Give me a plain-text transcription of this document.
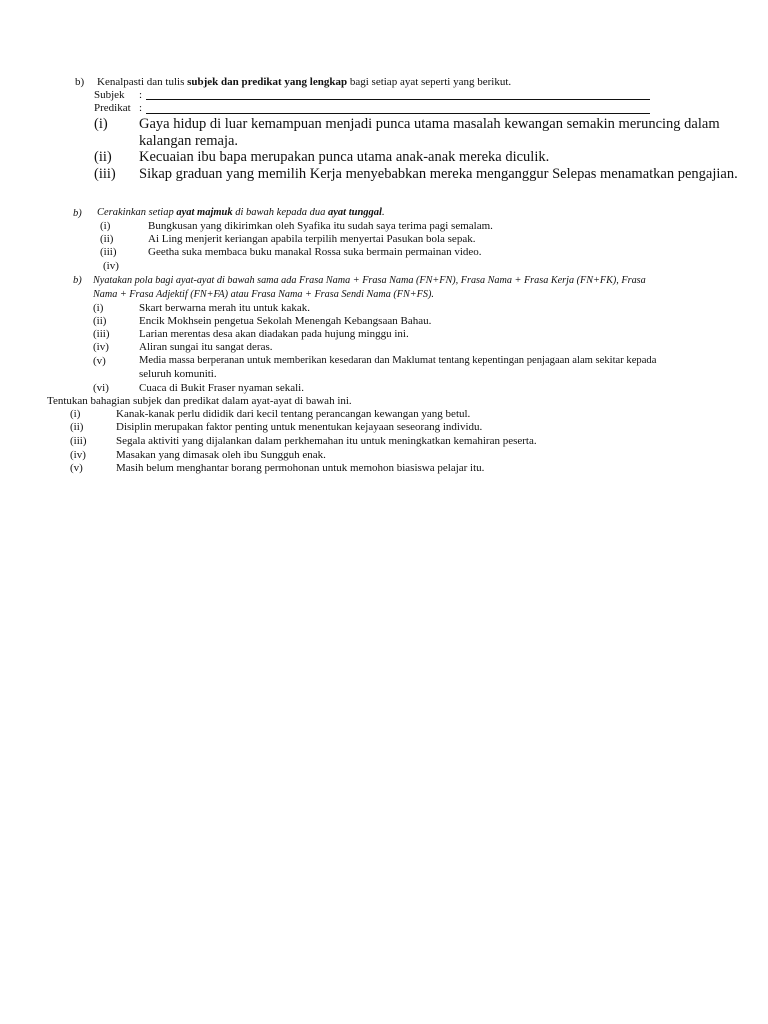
b) Kenalpasti dan tulis subjek dan predikat yang lengkap bagi setiap ayat seperti yang berikut.
Subjek :
Predikat :
(i) Gaya hidup di luar kemampuan menjadi punca utama masalah kewangan semakin meruncing dalam
kalangan remaja.
(ii) Kecuaian ibu bapa merupakan punca utama anak-anak mereka diculik.
(iii) Sikap graduan yang memilih Kerja menyebabkan mereka menganggur Selepas menamatkan pengajian.
b) Cerakinkan setiap ayat majmuk di bawah kepada dua ayat tunggal.
(i)	Bungkusan yang dikirimkan oleh Syafika itu sudah saya terima pagi semalam.
(ii)	Ai Ling menjerit keriangan apabila terpilih menyertai Pasukan bola sepak.
(iii)	Geetha suka membaca buku manakal Rossa suka bermain permainan video.
(iv)
b) Nyatakan pola bagi ayat-ayat di bawah sama ada Frasa Nama + Frasa Nama (FN+FN), Frasa Nama + Frasa Kerja (FN+FK), Frasa
Nama + Frasa Adjektif (FN+FA) atau Frasa Nama + Frasa Sendi Nama (FN+FS).
(i)	Skart berwarna merah itu untuk kakak.
(ii)	Encik Mokhsein pengetua Sekolah Menengah Kebangsaan Bahau.
(iii)	Larian merentas desa akan diadakan pada hujung minggu ini.
(iv)	Aliran sungai itu sangat deras.
(v)	Media massa berperanan untuk memberikan kesedaran dan Maklumat tentang kepentingan penjagaan alam sekitar kepada
seluruh komuniti.
(vi)	Cuaca di Bukit Fraser nyaman sekali.
Tentukan bahagian subjek dan predikat dalam ayat-ayat di bawah ini.
(i)	Kanak-kanak perlu dididik dari kecil tentang perancangan kewangan yang betul.
(ii)	Disiplin merupakan faktor penting untuk menentukan kejayaan seseorang individu.
(iii)	Segala aktiviti yang dijalankan dalam perkhemahan itu untuk meningkatkan kemahiran peserta.
(iv)	Masakan yang dimasak oleh ibu Sungguh enak.
(v)	Masih belum menghantar borang permohonan untuk memohon biasiswa pelajar itu.
